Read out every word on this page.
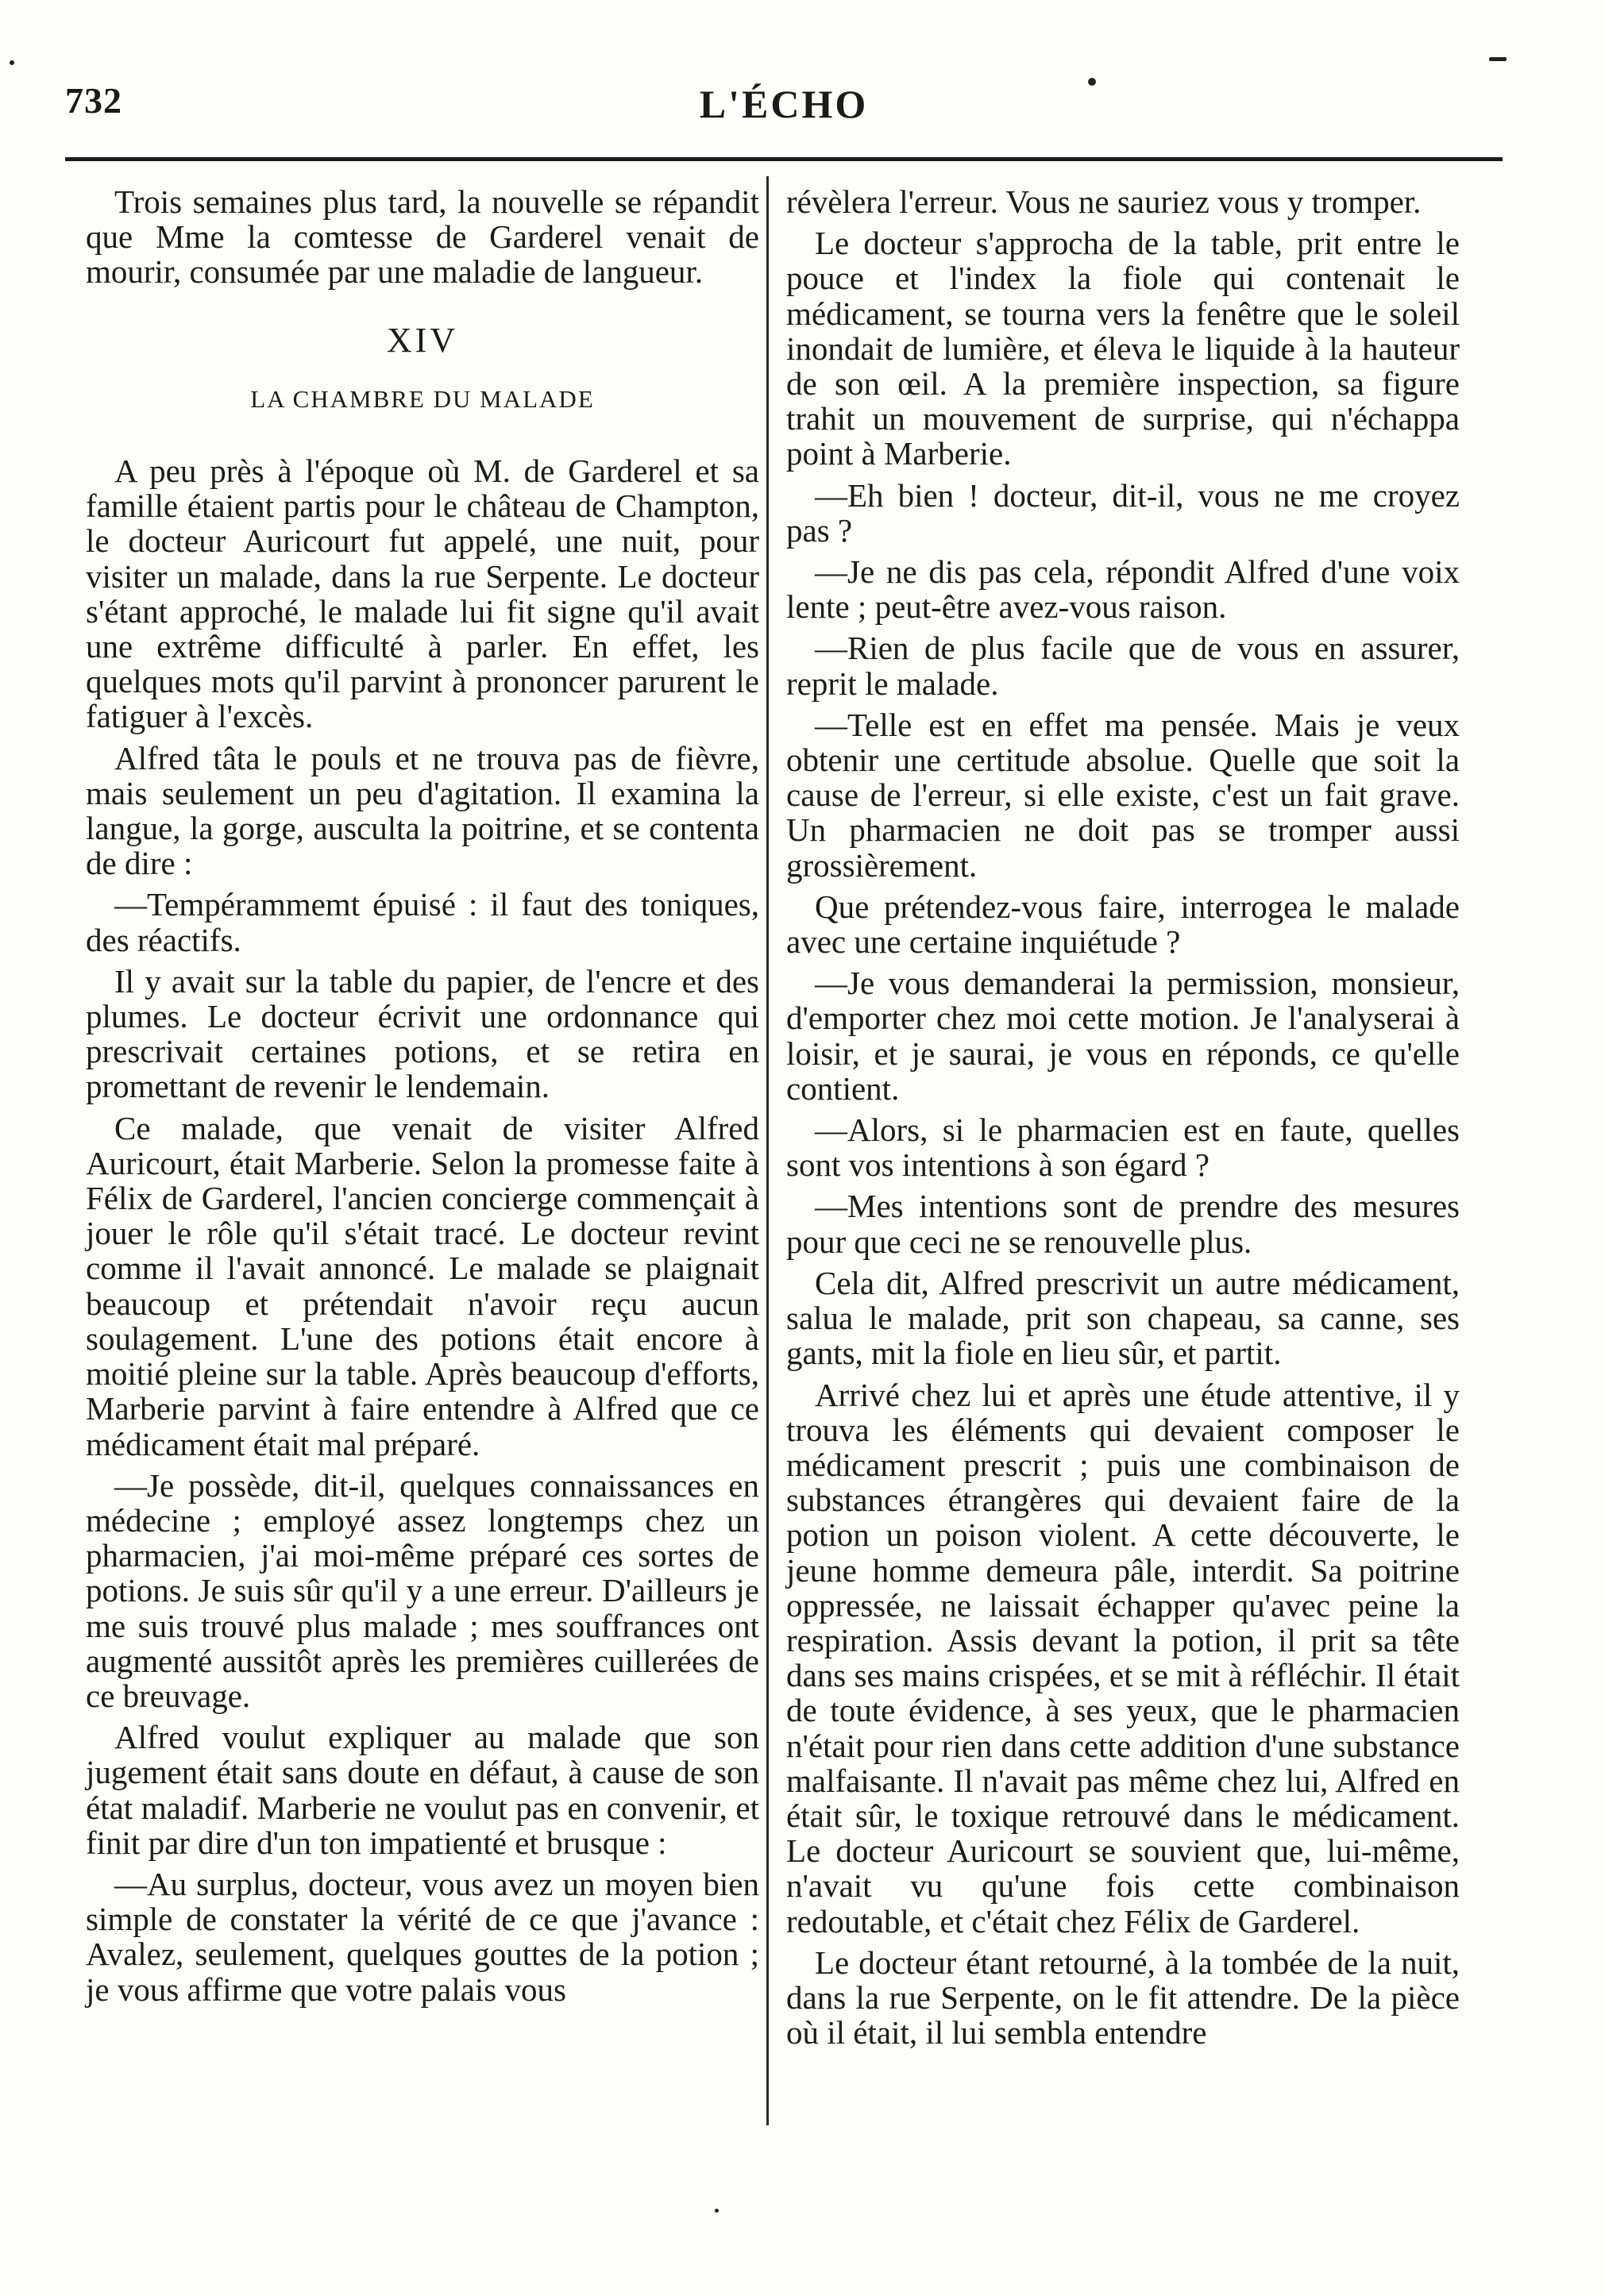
732	L'ÉCHO

Trois semaines plus tard, la nouvelle se répandit que Mme la comtesse de Garderel venait de mourir, consumée par une maladie de langueur.

XIV
LA CHAMBRE DU MALADE

A peu près à l'époque où M. de Garderel et sa famille étaient partis pour le château de Champton, le docteur Auricourt fut appelé, une nuit, pour visiter un malade, dans la rue Serpente. Le docteur s'étant approché, le malade lui fit signe qu'il avait une extrême difficulté à parler. En effet, les quelques mots qu'il parvint à prononcer parurent le fatiguer à l'excès.

Alfred tâta le pouls et ne trouva pas de fièvre, mais seulement un peu d'agitation. Il examina la langue, la gorge, ausculta la poitrine, et se contenta de dire :

—Tempérammemt épuisé : il faut des toniques, des réactifs.

Il y avait sur la table du papier, de l'encre et des plumes. Le docteur écrivit une ordonnance qui prescrivait certaines potions, et se retira en promettant de revenir le lendemain.

Ce malade, que venait de visiter Alfred Auricourt, était Marberie. Selon la promesse faite à Félix de Garderel, l'ancien concierge commençait à jouer le rôle qu'il s'était tracé. Le docteur revint comme il l'avait annoncé. Le malade se plaignait beaucoup et prétendait n'avoir reçu aucun soulagement. L'une des potions était encore à moitié pleine sur la table. Après beaucoup d'efforts, Marberie parvint à faire entendre à Alfred que ce médicament était mal préparé.

—Je possède, dit-il, quelques connaissances en médecine ; employé assez longtemps chez un pharmacien, j'ai moi-même préparé ces sortes de potions. Je suis sûr qu'il y a une erreur. D'ailleurs je me suis trouvé plus malade ; mes souffrances ont augmenté aussitôt après les premières cuillerées de ce breuvage.

Alfred voulut expliquer au malade que son jugement était sans doute en défaut, à cause de son état maladif. Marberie ne voulut pas en convenir, et finit par dire d'un ton impatienté et brusque :

—Au surplus, docteur, vous avez un moyen bien simple de constater la vérité de ce que j'avance : Avalez, seulement, quelques gouttes de la potion ; je vous affirme que votre palais vous

révèlera l'erreur. Vous ne sauriez vous y tromper.

Le docteur s'approcha de la table, prit entre le pouce et l'index la fiole qui contenait le médicament, se tourna vers la fenêtre que le soleil inondait de lumière, et éleva le liquide à la hauteur de son œil. A la première inspection, sa figure trahit un mouvement de surprise, qui n'échappa point à Marberie.

—Eh bien ! docteur, dit-il, vous ne me croyez pas ?

—Je ne dis pas cela, répondit Alfred d'une voix lente ; peut-être avez-vous raison.

—Rien de plus facile que de vous en assurer, reprit le malade.

—Telle est en effet ma pensée. Mais je veux obtenir une certitude absolue. Quelle que soit la cause de l'erreur, si elle existe, c'est un fait grave. Un pharmacien ne doit pas se tromper aussi grossièrement.

Que prétendez-vous faire, interrogea le malade avec une certaine inquiétude ?

—Je vous demanderai la permission, monsieur, d'emporter chez moi cette motion. Je l'analyserai à loisir, et je saurai, je vous en réponds, ce qu'elle contient.

—Alors, si le pharmacien est en faute, quelles sont vos intentions à son égard ?

—Mes intentions sont de prendre des mesures pour que ceci ne se renouvelle plus.

Cela dit, Alfred prescrivit un autre médicament, salua le malade, prit son chapeau, sa canne, ses gants, mit la fiole en lieu sûr, et partit.

Arrivé chez lui et après une étude attentive, il y trouva les éléments qui devaient composer le médicament prescrit ; puis une combinaison de substances étrangères qui devaient faire de la potion un poison violent. A cette découverte, le jeune homme demeura pâle, interdit. Sa poitrine oppressée, ne laissait échapper qu'avec peine la respiration. Assis devant la potion, il prit sa tête dans ses mains crispées, et se mit à réfléchir. Il était de toute évidence, à ses yeux, que le pharmacien n'était pour rien dans cette addition d'une substance malfaisante. Il n'avait pas même chez lui, Alfred en était sûr, le toxique retrouvé dans le médicament. Le docteur Auricourt se souvient que, lui-même, n'avait vu qu'une fois cette combinaison redoutable, et c'était chez Félix de Garderel.

Le docteur étant retourné, à la tombée de la nuit, dans la rue Serpente, on le fit attendre. De la pièce où il était, il lui sembla entendre
